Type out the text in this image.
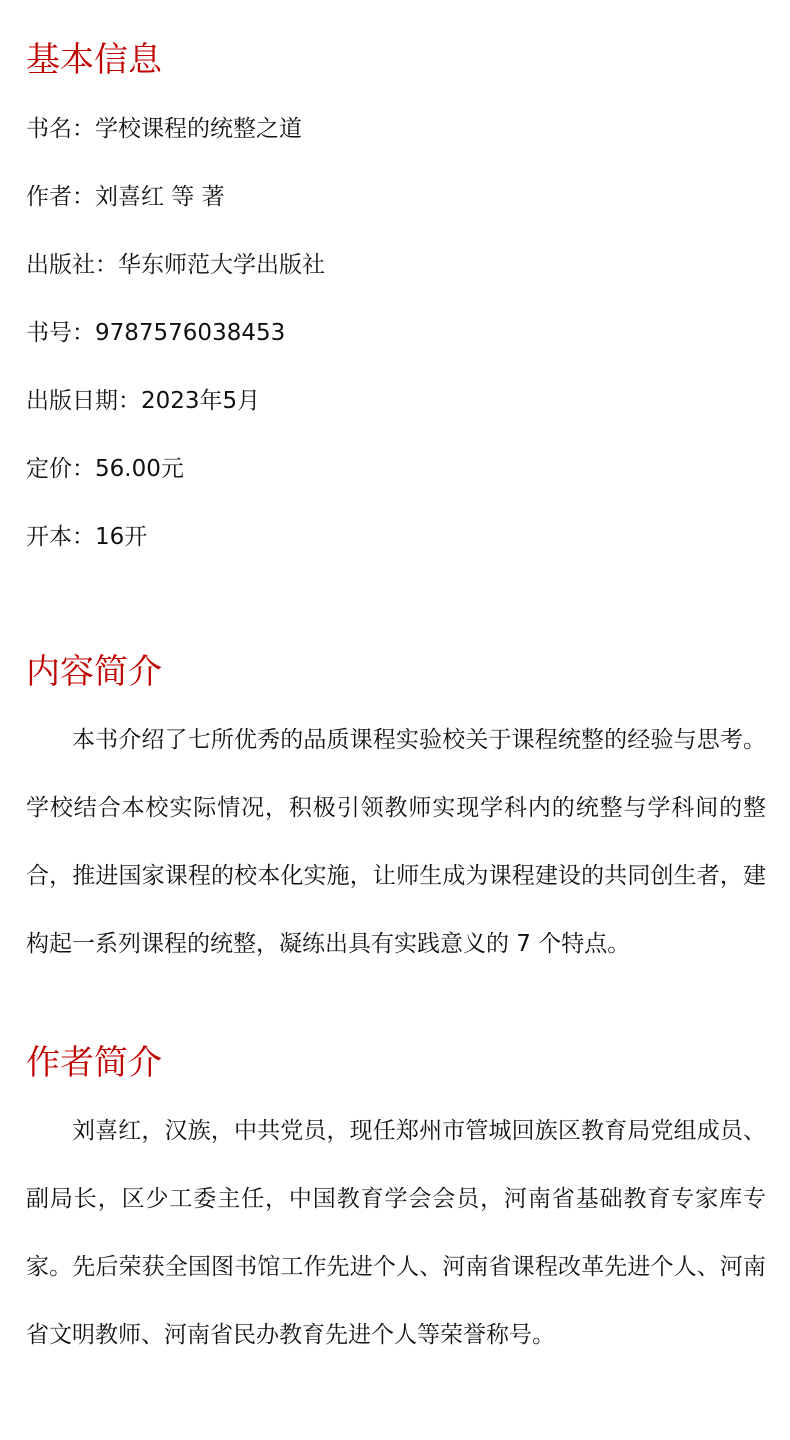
基本信息
书名：学校课程的统整之道
作者：刘喜红 等 著
出版社：华东师范大学出版社
书号：9787576038453
出版日期：2023年5月
定价：56.00元
开本：16开
内容简介

本书介绍了七所优秀的品质课程实验校关于课程统整的经验与思考。学校结合本校实际情况，积极引领教师实现学科内的统整与学科间的整合，推进国家课程的校本化实施，让师生成为课程建设的共同创生者，建构起一系列课程的统整，凝练出具有实践意义的 7 个特点。

作者简介

刘喜红，汉族，中共党员，现任郑州市管城回族区教育局党组成员、副局长，区少工委主任，中国教育学会会员，河南省基础教育专家库专家。先后荣获全国图书馆工作先进个人、河南省课程改革先进个人、河南省文明教师、河南省民办教育先进个人等荣誉称号。
